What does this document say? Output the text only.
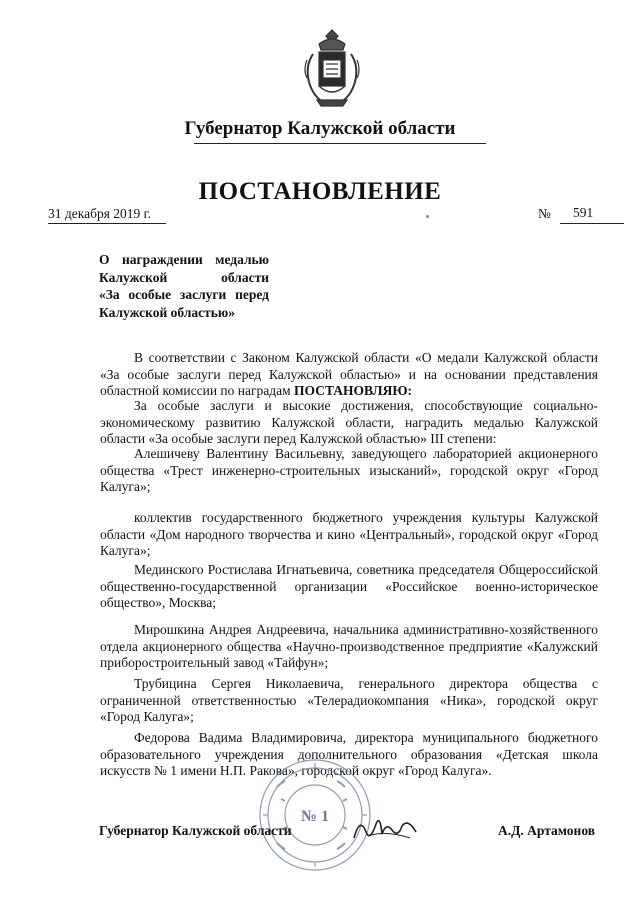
Губернатор Калужской области
ПОСТАНОВЛЕНИЕ
31 декабря 2019 г.	№ 591
О награждении медалью
Калужской области
«За особые заслуги перед
Калужской областью»
В соответствии с Законом Калужской области «О медали Калужской области «За особые заслуги перед Калужской областью» и на основании представления областной комиссии по наградам ПОСТАНОВЛЯЮ:
За особые заслуги и высокие достижения, способствующие социально-экономическому развитию Калужской области, наградить медалью Калужской области «За особые заслуги перед Калужской областью» III степени:
Алешичеву Валентину Васильевну, заведующего лабораторией акционерного общества «Трест инженерно-строительных изысканий», городской округ «Город Калуга»;
коллектив государственного бюджетного учреждения культуры Калужской области «Дом народного творчества и кино «Центральный», городской округ «Город Калуга»;
Мединского Ростислава Игнатьевича, советника председателя Общероссийской общественно-государственной организации «Российское военно-историческое общество», Москва;
Мирошкина Андрея Андреевича, начальника административно-хозяйственного отдела акционерного общества «Научно-производственное предприятие «Калужский приборостроительный завод «Тайфун»;
Трубицина Сергея Николаевича, генерального директора общества с ограниченной ответственностью «Телерадиокомпания «Ника», городской округ «Город Калуга»;
Федорова Вадима Владимировича, директора муниципального бюджетного образовательного учреждения дополнительного образования «Детская школа искусств № 1 имени Н.П. Ракова», городской округ «Город Калуга».
№ 1
Губернатор Калужской области	А.Д. Артамонов
